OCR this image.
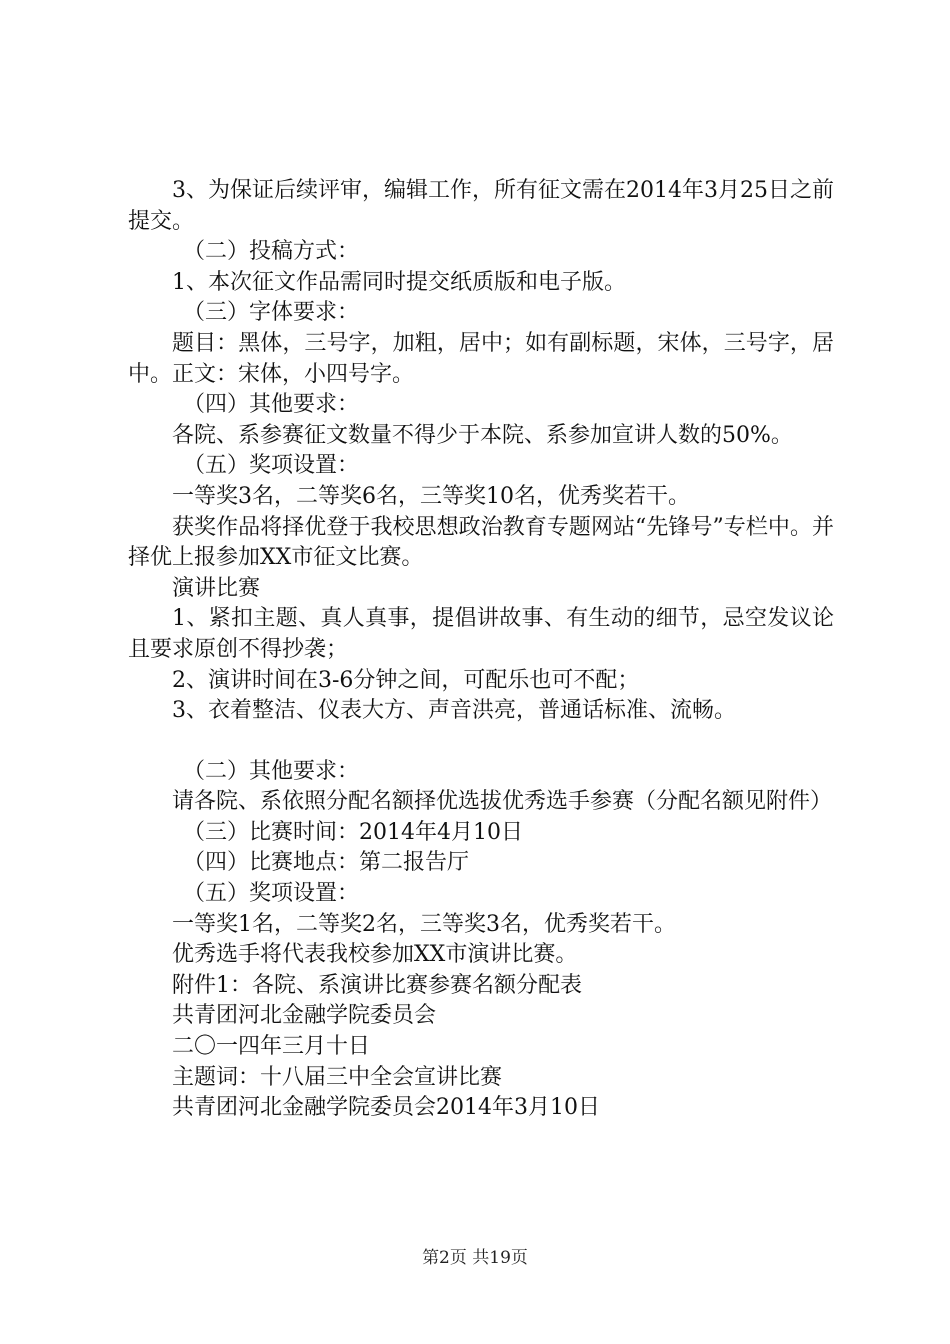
3、为保证后续评审，编辑工作，所有征文需在2014年3月25日之前提交。

（二）投稿方式：

1、本次征文作品需同时提交纸质版和电子版。

（三）字体要求：

题目：黑体，三号字，加粗，居中；如有副标题，宋体，三号字，居中。正文：宋体，小四号字。

（四）其他要求：

各院、系参赛征文数量不得少于本院、系参加宣讲人数的50%。

（五）奖项设置：

一等奖3名，二等奖6名，三等奖10名，优秀奖若干。

获奖作品将择优登于我校思想政治教育专题网站“先锋号”专栏中。并择优上报参加XX市征文比赛。

演讲比赛

1、紧扣主题、真人真事，提倡讲故事、有生动的细节，忌空发议论且要求原创不得抄袭；

2、演讲时间在3-6分钟之间，可配乐也可不配；

3、衣着整洁、仪表大方、声音洪亮，普通话标准、流畅。

（二）其他要求：

请各院、系依照分配名额择优选拔优秀选手参赛（分配名额见附件）

（三）比赛时间：2014年4月10日

（四）比赛地点：第二报告厅

（五）奖项设置：

一等奖1名，二等奖2名，三等奖3名，优秀奖若干。

优秀选手将代表我校参加XX市演讲比赛。

附件1：各院、系演讲比赛参赛名额分配表

共青团河北金融学院委员会

二〇一四年三月十日

主题词：十八届三中全会宣讲比赛

共青团河北金融学院委员会2014年3月10日

第2页 共19页
